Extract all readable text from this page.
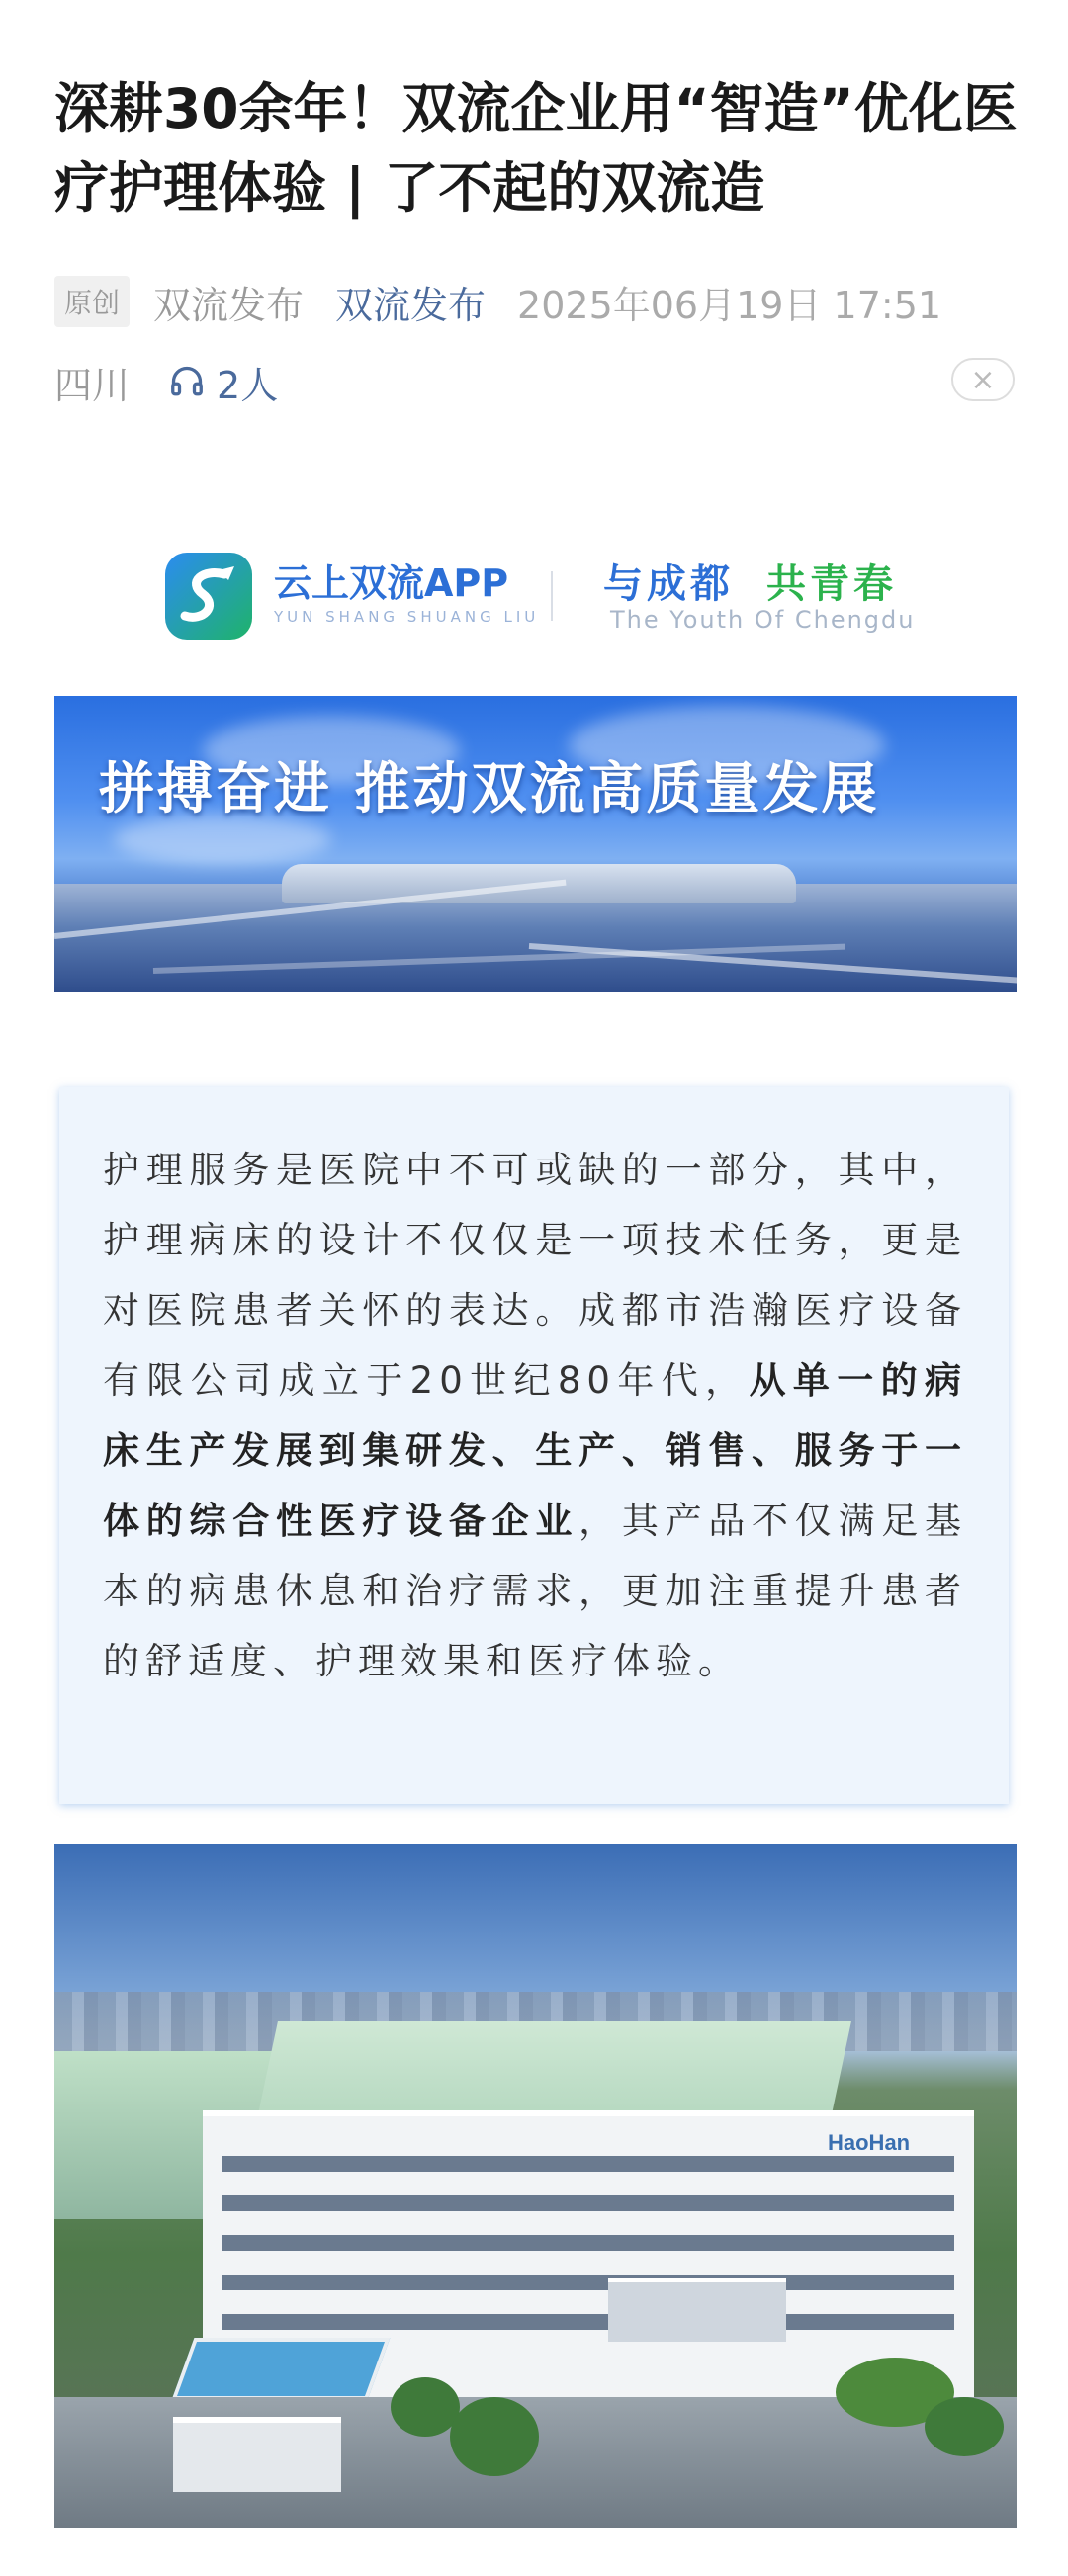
深耕30余年！双流企业用“智造”优化医疗护理体验 | 了不起的双流造
原创 双流发布 双流发布 2025年06月19日 17:51
四川 2人	×
云上双流APP
YUN SHANG SHUANG LIU
与成都 共青春
The Youth Of Chengdu
拼搏奋进 推动双流高质量发展

护理服务是医院中不可或缺的一部分，其中，护理病床的设计不仅仅是一项技术任务，更是对医院患者关怀的表达。成都市浩瀚医疗设备有限公司成立于20世纪80年代，从单一的病床生产发展到集研发、生产、销售、服务于一体的综合性医疗设备企业，其产品不仅满足基本的病患休息和治疗需求，更加注重提升患者的舒适度、护理效果和医疗体验。

HaoHan
